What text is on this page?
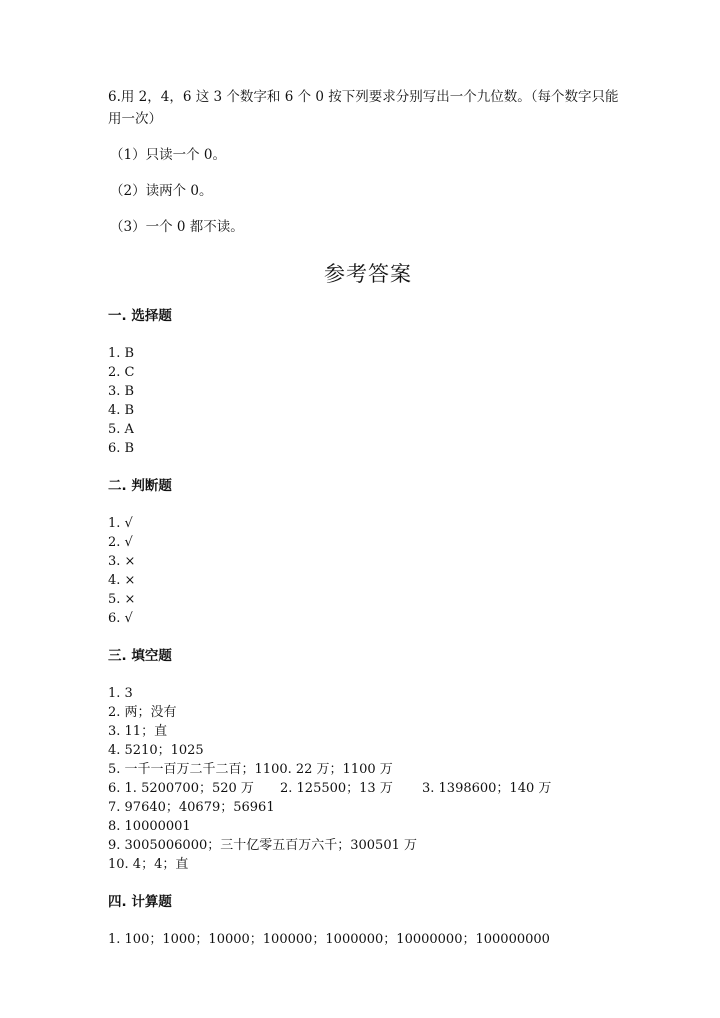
6.用 2，4，6 这 3 个数字和 6 个 0 按下列要求分别写出一个九位数。（每个数字只能用一次）

（1）只读一个 0。
（2）读两个 0。
（3）一个 0 都不读。
参考答案
一. 选择题
1. B
2. C
3. B
4. B
5. A
6. B
二. 判断题
1. √
2. √
3. ×
4. ×
5. ×
6. √
三. 填空题
1. 3
2. 两；没有
3. 11；直
4. 5210；1025
5. 一千一百万二千二百；1100. 22 万；1100 万
6. 1. 5200700；520 万 2. 125500；13 万 3. 1398600；140 万
7. 97640；40679；56961
8. 10000001
9. 3005006000；三十亿零五百万六千；300501 万
10. 4；4；直
四. 计算题
1. 100；1000；10000；100000；1000000；10000000；100000000
